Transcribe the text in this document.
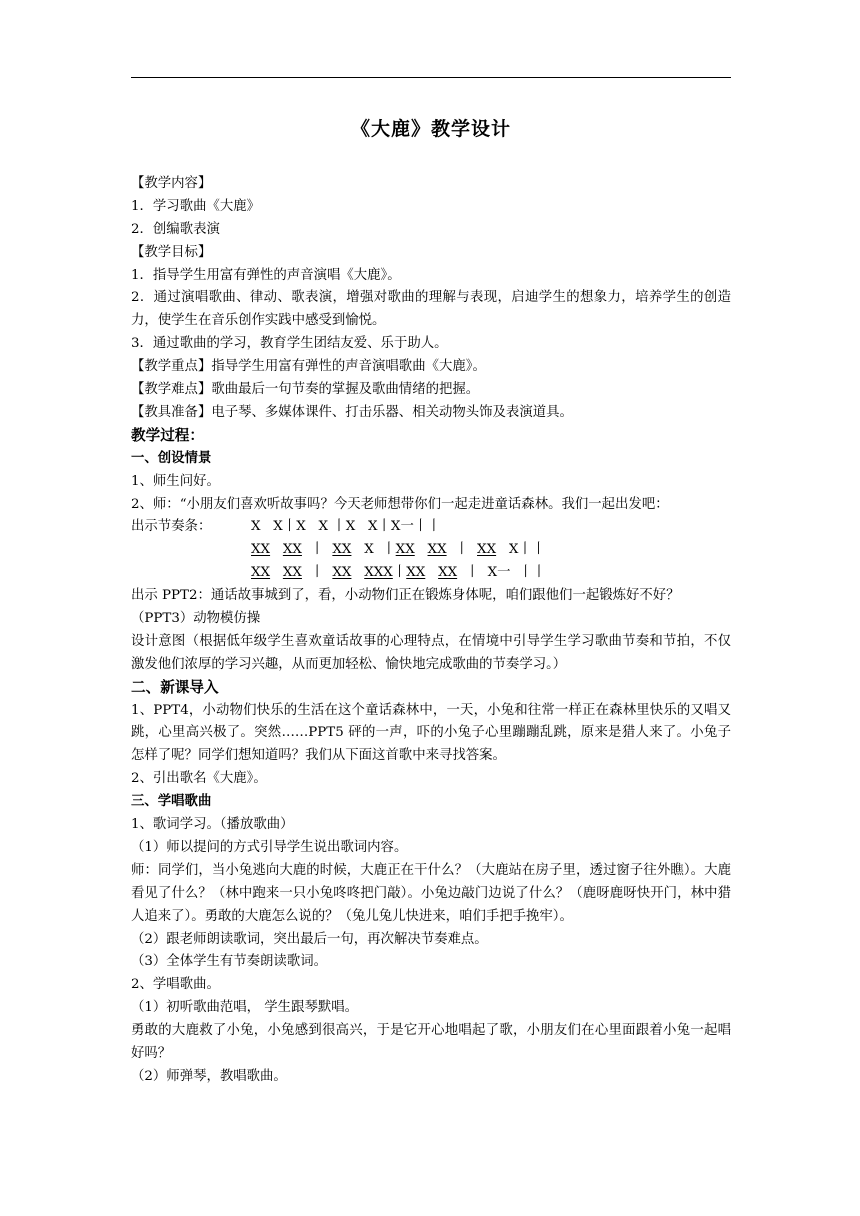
《大鹿》教学设计
【教学内容】
1．学习歌曲《大鹿》
2．创编歌表演
【教学目标】
1．指导学生用富有弹性的声音演唱《大鹿》。
2．通过演唱歌曲、律动、歌表演，增强对歌曲的理解与表现，启迪学生的想象力，培养学生的创造力，使学生在音乐创作实践中感受到愉悦。
3．通过歌曲的学习，教育学生团结友爱、乐于助人。
【教学重点】指导学生用富有弹性的声音演唱歌曲《大鹿》。
【教学难点】歌曲最后一句节奏的掌握及歌曲情绪的把握。
【教具准备】电子琴、多媒体课件、打击乐器、相关动物头饰及表演道具。
教学过程：
一、创设情景
1、师生问好。
2、师：“小朋友们喜欢听故事吗？今天老师想带你们一起走进童话森林。我们一起出发吧：
出示节奏条：	X   X丨X   X 丨X   X丨X一丨丨
XX XX  丨  XX X  丨XX XX  丨  XX X丨丨
XX XX  丨  XX XXX丨XX XX  丨  X一  丨丨
出示 PPT2：通话故事城到了，看，小动物们正在锻炼身体呢，咱们跟他们一起锻炼好不好？
（PPT3）动物模仿操
设计意图（根据低年级学生喜欢童话故事的心理特点，在情境中引导学生学习歌曲节奏和节拍，不仅激发他们浓厚的学习兴趣，从而更加轻松、愉快地完成歌曲的节奏学习。）
二、新课导入
1、PPT4，小动物们快乐的生活在这个童话森林中，一天，小兔和往常一样正在森林里快乐的又唱又跳，心里高兴极了。突然……PPT5 砰的一声，吓的小兔子心里蹦蹦乱跳，原来是猎人来了。小兔子怎样了呢？同学们想知道吗？我们从下面这首歌中来寻找答案。
2、引出歌名《大鹿》。
三、学唱歌曲
1、歌词学习。（播放歌曲）
（1）师以提问的方式引导学生说出歌词内容。
师：同学们，当小兔逃向大鹿的时候，大鹿正在干什么？（大鹿站在房子里，透过窗子往外瞧）。大鹿看见了什么？（林中跑来一只小兔咚咚把门敲）。小兔边敲门边说了什么？（鹿呀鹿呀快开门，林中猎人追来了）。勇敢的大鹿怎么说的？（兔儿兔儿快进来，咱们手把手挽牢）。
（2）跟老师朗读歌词，突出最后一句，再次解决节奏难点。
（3）全体学生有节奏朗读歌词。
2、学唱歌曲。
（1）初听歌曲范唱， 学生跟琴默唱。
勇敢的大鹿救了小兔，小兔感到很高兴，于是它开心地唱起了歌，小朋友们在心里面跟着小兔一起唱好吗？
（2）师弹琴，教唱歌曲。
